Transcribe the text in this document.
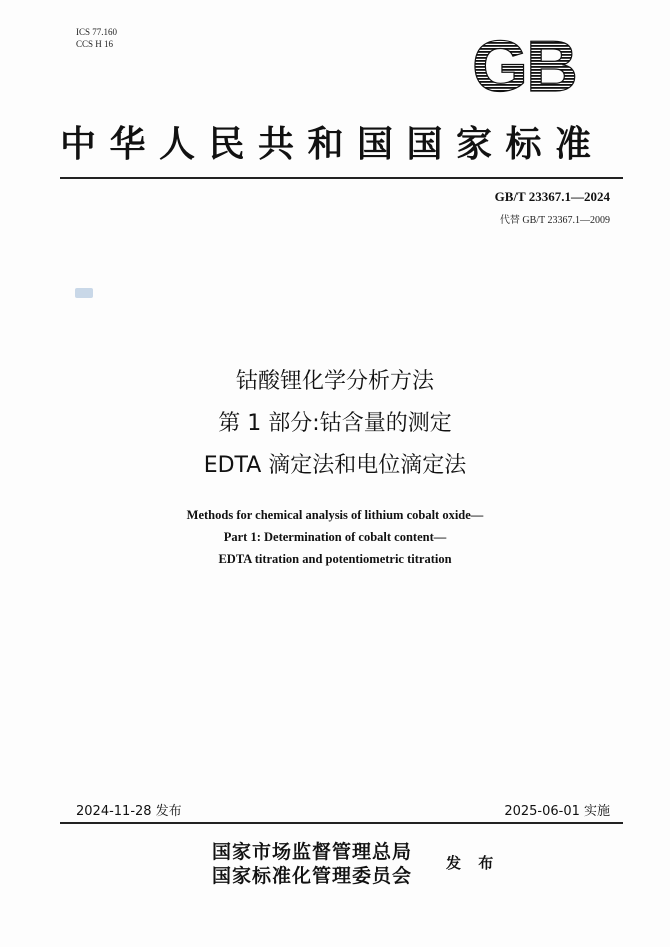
ICS 77.160
CCS H 16	GB
中华人民共和国国家标准
GB/T 23367.1—2024
代替 GB/T 23367.1—2009
钴酸锂化学分析方法
第 1 部分:钴含量的测定
EDTA 滴定法和电位滴定法
Methods for chemical analysis of lithium cobalt oxide—
Part 1: Determination of cobalt content—
EDTA titration and potentiometric titration
2024-11-28 发布	2025-06-01 实施
国家市场监督管理总局
国家标准化管理委员会
发 布
